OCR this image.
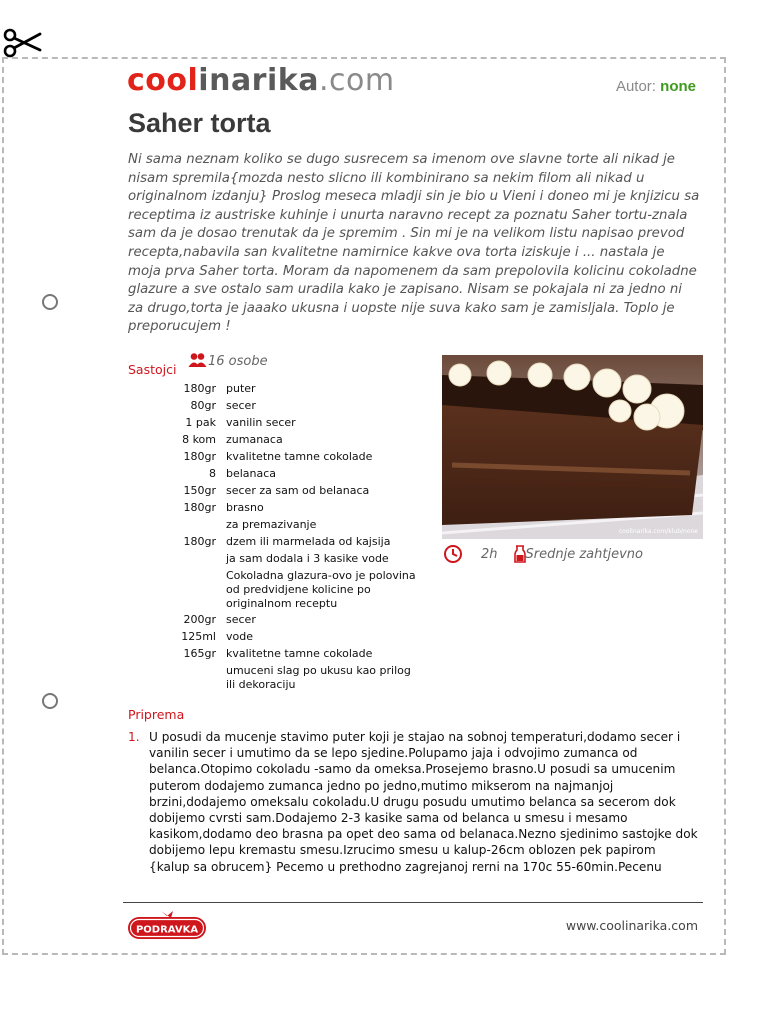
coolinarika.com	Autor: none
Saher torta

Ni sama neznam koliko se dugo susrecem sa imenom ove slavne torte ali nikad je nisam spremila{mozda nesto slicno ili kombinirano sa nekim filom ali nikad u originalnom izdanju} Proslog meseca mladji sin je bio u Vieni i doneo mi je knjizicu sa receptima iz austriske kuhinje i unurta naravno recept za poznatu Saher tortu-znala sam da je dosao trenutak da je spremim . Sin mi je na velikom listu napisao prevod recepta,nabavila san kvalitetne namirnice kakve ova torta iziskuje i ... nastala je moja prva Saher torta. Moram da napomenem da sam prepolovila kolicinu cokoladne glazure a sve ostalo sam uradila kako je zapisano. Nisam se pokajala ni za jedno ni za drugo,torta je jaaako ukusna i uopste nije suva kako sam je zamisljala. Toplo je preporucujem !

Sastojci
16 osobe
180gr puter
80gr secer
1 pak vanilin secer
8 kom zumanaca
180gr kvalitetne tamne cokolade
8 belanaca
150gr secer za sam od belanaca
180gr brasno
za premazivanje
180gr dzem ili marmelada od kajsija
ja sam dodala i 3 kasike vode
Cokoladna glazura-ovo je polovina od predvidjene kolicine po originalnom receptu
200gr secer
125ml vode
165gr kvalitetne tamne cokolade
umuceni slag po ukusu kao prilog ili dekoraciju
coolinarika.com/klub/none
2h Srednje zahtjevno
Priprema
1. U posudi da mucenje stavimo puter koji je stajao na sobnoj temperaturi,dodamo secer i vanilin secer i umutimo da se lepo sjedine.Polupamo jaja i odvojimo zumanca od belanca.Otopimo cokoladu -samo da omeksa.Prosejemo brasno.U posudi sa umucenim puterom dodajemo zumanca jedno po jedno,mutimo mikserom na najmanjoj brzini,dodajemo omeksalu cokoladu.U drugu posudu umutimo belanca sa secerom dok dobijemo cvrsti sam.Dodajemo 2-3 kasike sama od belanca u smesu i mesamo kasikom,dodamo deo brasna pa opet deo sama od belanaca.Nezno sjedinimo sastojke dok dobijemo lepu kremastu smesu.Izrucimo smesu u kalup-26cm oblozen pek papirom {kalup sa obrucem} Pecemo u prethodno zagrejanoj rerni na 170c 55-60min.Pecenu
PODRAVKA	www.coolinarika.com
